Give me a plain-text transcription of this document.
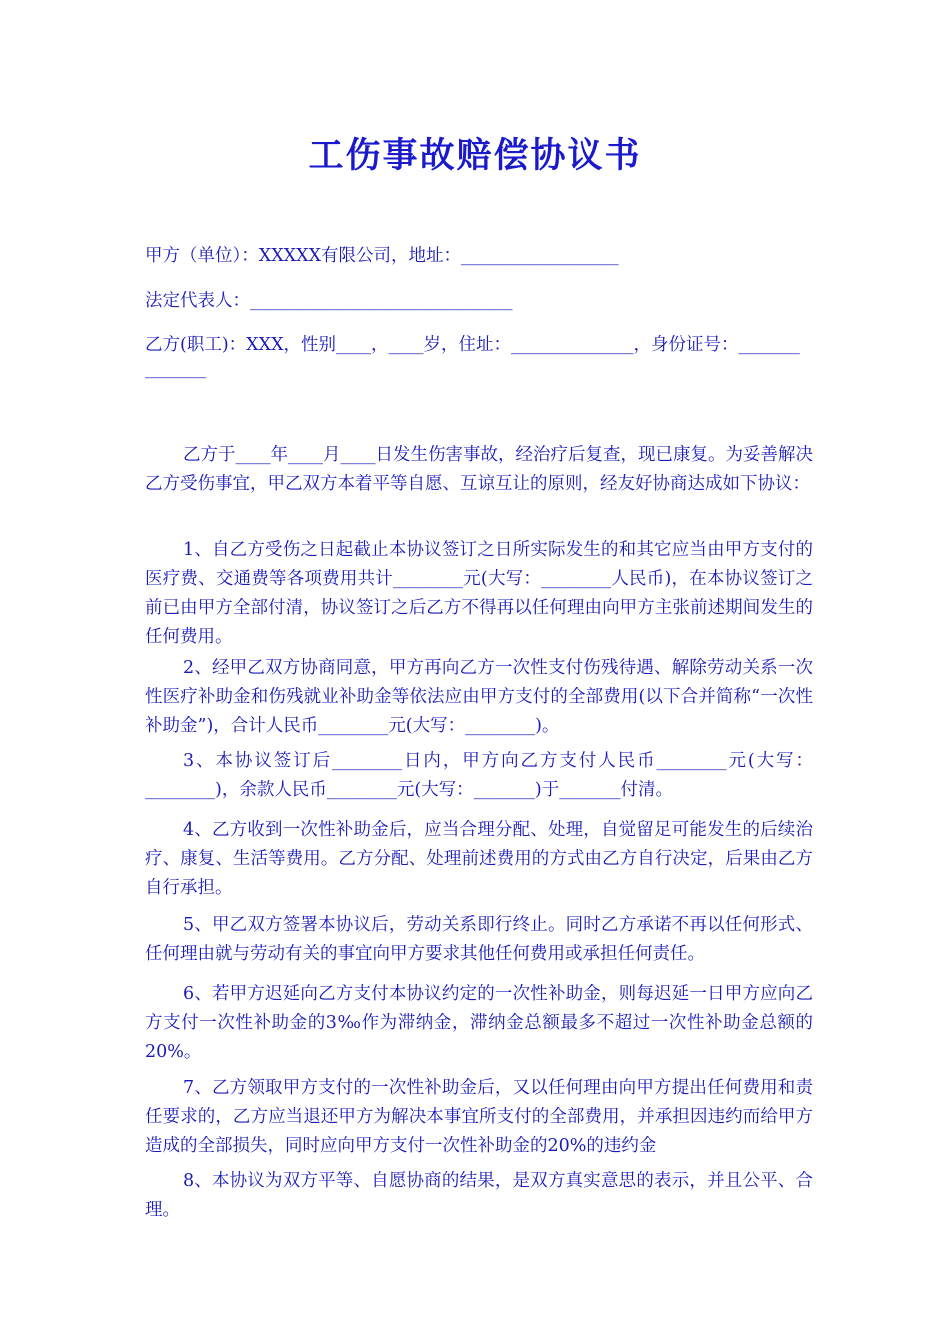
工伤事故赔偿协议书

甲方（单位）：XXXXX有限公司，地址：__________________

法定代表人：______________________________

乙方(职工)：XXX，性别____，____岁，住址：______________，身份证号：_______
_______

乙方于____年____月____日发生伤害事故，经治疗后复查，现已康复。为妥善解决乙方受伤事宜，甲乙双方本着平等自愿、互谅互让的原则，经友好协商达成如下协议：

1、自乙方受伤之日起截止本协议签订之日所实际发生的和其它应当由甲方支付的医疗费、交通费等各项费用共计________元(大写：________人民币)，在本协议签订之前已由甲方全部付清，协议签订之后乙方不得再以任何理由向甲方主张前述期间发生的任何费用。

2、经甲乙双方协商同意，甲方再向乙方一次性支付伤残待遇、解除劳动关系一次性医疗补助金和伤残就业补助金等依法应由甲方支付的全部费用(以下合并简称“一次性补助金”)，合计人民币________元(大写：________)。

3、本协议签订后________日内，甲方向乙方支付人民币________元(大写：________)，余款人民币________元(大写：_______)于_______付清。

4、乙方收到一次性补助金后，应当合理分配、处理，自觉留足可能发生的后续治疗、康复、生活等费用。乙方分配、处理前述费用的方式由乙方自行决定，后果由乙方自行承担。

5、甲乙双方签署本协议后，劳动关系即行终止。同时乙方承诺不再以任何形式、任何理由就与劳动有关的事宜向甲方要求其他任何费用或承担任何责任。

6、若甲方迟延向乙方支付本协议约定的一次性补助金，则每迟延一日甲方应向乙方支付一次性补助金的3‰作为滞纳金，滞纳金总额最多不超过一次性补助金总额的20%。

7、乙方领取甲方支付的一次性补助金后，又以任何理由向甲方提出任何费用和责任要求的，乙方应当退还甲方为解决本事宜所支付的全部费用，并承担因违约而给甲方造成的全部损失，同时应向甲方支付一次性补助金的20%的违约金

8、本协议为双方平等、自愿协商的结果，是双方真实意思的表示，并且公平、合理。
